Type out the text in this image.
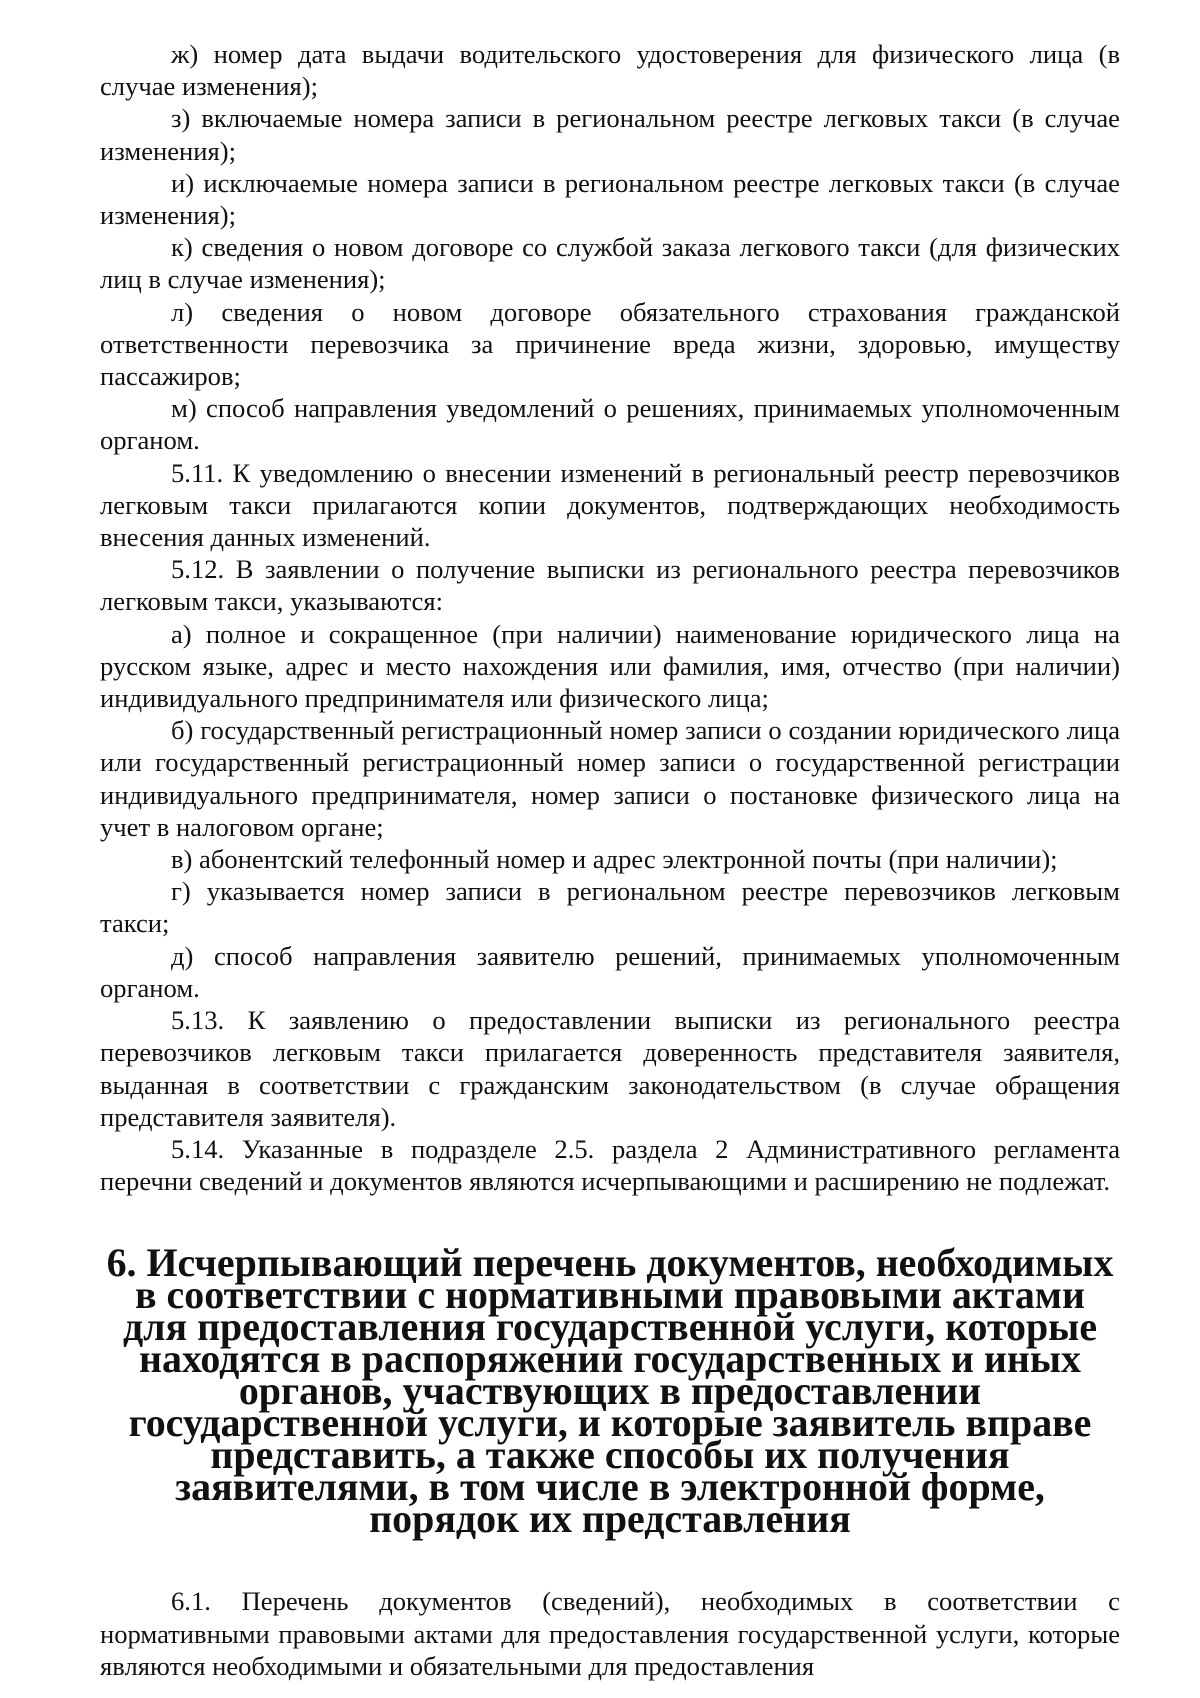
ж) номер дата выдачи водительского удостоверения для физического лица (в случае изменения);

з) включаемые номера записи в региональном реестре легковых такси (в случае изменения);

и) исключаемые номера записи в региональном реестре легковых такси (в случае изменения);

к) сведения о новом договоре со службой заказа легкового такси (для физических лиц в случае изменения);

л) сведения о новом договоре обязательного страхования гражданской ответственности перевозчика за причинение вреда жизни, здоровью, имуществу пассажиров;

м) способ направления уведомлений о решениях, принимаемых уполномоченным органом.

5.11. К уведомлению о внесении изменений в региональный реестр перевозчиков легковым такси прилагаются копии документов, подтверждающих необходимость внесения данных изменений.

5.12. В заявлении о получение выписки из регионального реестра перевозчиков легковым такси, указываются:

а) полное и сокращенное (при наличии) наименование юридического лица на русском языке, адрес и место нахождения или фамилия, имя, отчество (при наличии) индивидуального предпринимателя или физического лица;

б) государственный регистрационный номер записи о создании юридического лица или государственный регистрационный номер записи о государственной регистрации индивидуального предпринимателя, номер записи о постановке физического лица на учет в налоговом органе;

в) абонентский телефонный номер и адрес электронной почты (при наличии);

г) указывается номер записи в региональном реестре перевозчиков легковым такси;

д) способ направления заявителю решений, принимаемых уполномоченным органом.

5.13. К заявлению о предоставлении выписки из регионального реестра перевозчиков легковым такси прилагается доверенность представителя заявителя, выданная в соответствии с гражданским законодательством (в случае обращения представителя заявителя).

5.14. Указанные в подразделе 2.5. раздела 2 Административного регламента перечни сведений и документов являются исчерпывающими и расширению не подлежат.

6. Исчерпывающий перечень документов, необходимых в соответствии с нормативными правовыми актами для предоставления государственной услуги, которые находятся в распоряжении государственных и иных органов, участвующих в предоставлении государственной услуги, и которые заявитель вправе представить, а также способы их получения заявителями, в том числе в электронной форме, порядок их представления

6.1. Перечень документов (сведений), необходимых в соответствии с нормативными правовыми актами для предоставления государственной услуги, которые являются необходимыми и обязательными для предоставления
